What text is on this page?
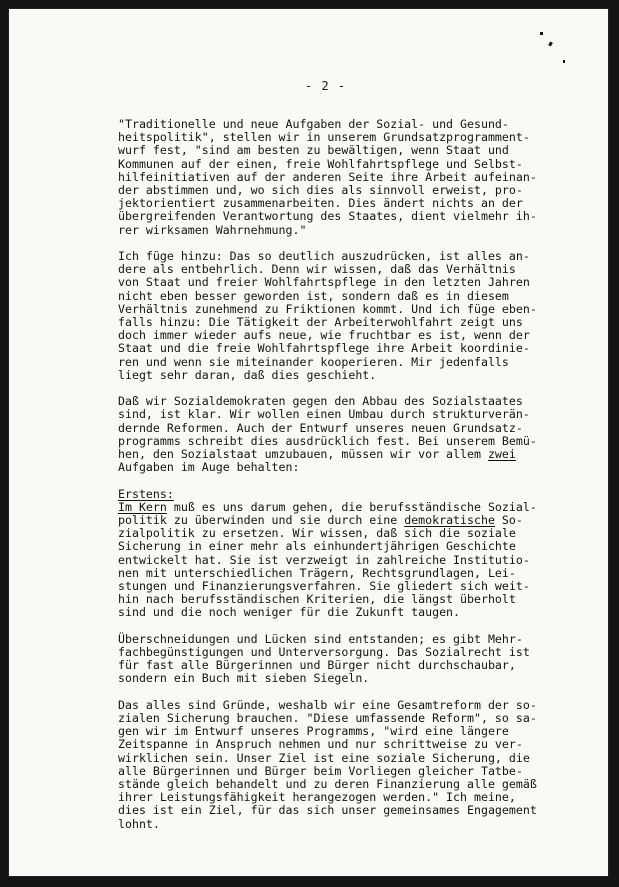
- 2 -
"Traditionelle und neue Aufgaben der Sozial- und Gesund-
heitspolitik", stellen wir in unserem Grundsatzprogramment-
wurf fest, "sind am besten zu bewältigen, wenn Staat und
Kommunen auf der einen, freie Wohlfahrtspflege und Selbst-
hilfeinitiativen auf der anderen Seite ihre Arbeit aufeinan-
der abstimmen und, wo sich dies als sinnvoll erweist, pro-
jektorientiert zusammenarbeiten. Dies ändert nichts an der
übergreifenden Verantwortung des Staates, dient vielmehr ih-
rer wirksamen Wahrnehmung."
Ich füge hinzu: Das so deutlich auszudrücken, ist alles an-
dere als entbehrlich. Denn wir wissen, daß das Verhältnis
von Staat und freier Wohlfahrtspflege in den letzten Jahren
nicht eben besser geworden ist, sondern daß es in diesem
Verhältnis zunehmend zu Friktionen kommt. Und ich füge eben-
falls hinzu: Die Tätigkeit der Arbeiterwohlfahrt zeigt uns
doch immer wieder aufs neue, wie fruchtbar es ist, wenn der
Staat und die freie Wohlfahrtspflege ihre Arbeit koordinie-
ren und wenn sie miteinander kooperieren. Mir jedenfalls
liegt sehr daran, daß dies geschieht.
Daß wir Sozialdemokraten gegen den Abbau des Sozialstaates
sind, ist klar. Wir wollen einen Umbau durch strukturverän-
dernde Reformen. Auch der Entwurf unseres neuen Grundsatz-
programms schreibt dies ausdrücklich fest. Bei unserem Bemü-
hen, den Sozialstaat umzubauen, müssen wir vor allem zwei
Aufgaben im Auge behalten:
Erstens:
Im Kern muß es uns darum gehen, die berufsständische Sozial-
politik zu überwinden und sie durch eine demokratische So-
zialpolitik zu ersetzen. Wir wissen, daß sich die soziale
Sicherung in einer mehr als einhundertjährigen Geschichte
entwickelt hat. Sie ist verzweigt in zahlreiche Institutio-
nen mit unterschiedlichen Trägern, Rechtsgrundlagen, Lei-
stungen und Finanzierungsverfahren. Sie gliedert sich weit-
hin nach berufsständischen Kriterien, die längst überholt
sind und die noch weniger für die Zukunft taugen.
Überschneidungen und Lücken sind entstanden; es gibt Mehr-
fachbegünstigungen und Unterversorgung. Das Sozialrecht ist
für fast alle Bürgerinnen und Bürger nicht durchschaubar,
sondern ein Buch mit sieben Siegeln.
Das alles sind Gründe, weshalb wir eine Gesamtreform der so-
zialen Sicherung brauchen. "Diese umfassende Reform", so sa-
gen wir im Entwurf unseres Programms, "wird eine längere
Zeitspanne in Anspruch nehmen und nur schrittweise zu ver-
wirklichen sein. Unser Ziel ist eine soziale Sicherung, die
alle Bürgerinnen und Bürger beim Vorliegen gleicher Tatbe-
stände gleich behandelt und zu deren Finanzierung alle gemäß
ihrer Leistungsfähigkeit herangezogen werden." Ich meine,
dies ist ein Ziel, für das sich unser gemeinsames Engagement
lohnt.
